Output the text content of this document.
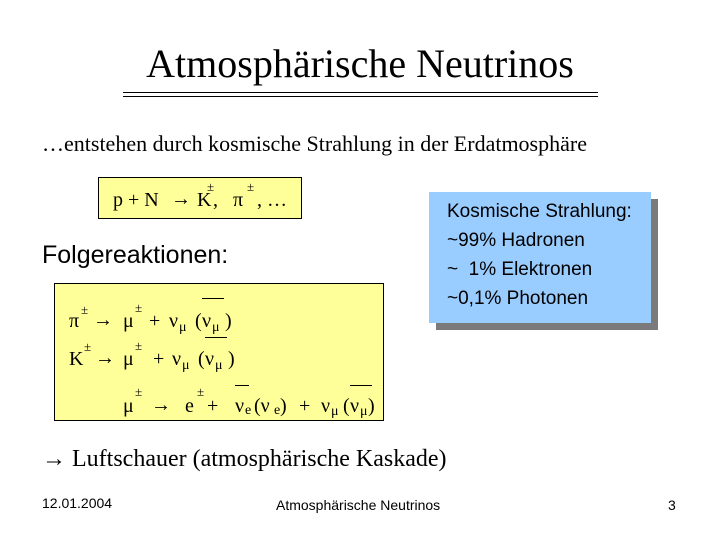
Atmosphärische Neutrinos
…entstehen durch kosmische Strahlung in der Erdatmosphäre
p + N → K
±
, π
±
, …
Kosmische Strahlung:
~99% Hadronen
~  1% Elektronen
~0,1% Photonen
Folgereaktionen:
π
± → μ
±
+ ν μ ( ν μ )
K
±
→ μ
±
+ ν μ ( ν μ )
μ
±
→ e
±
+ ν e (ν e ) + ν μ ( ν μ )
→ Luftschauer (atmosphärische Kaskade)
12.01.2004	Atmosphärische Neutrinos	3
